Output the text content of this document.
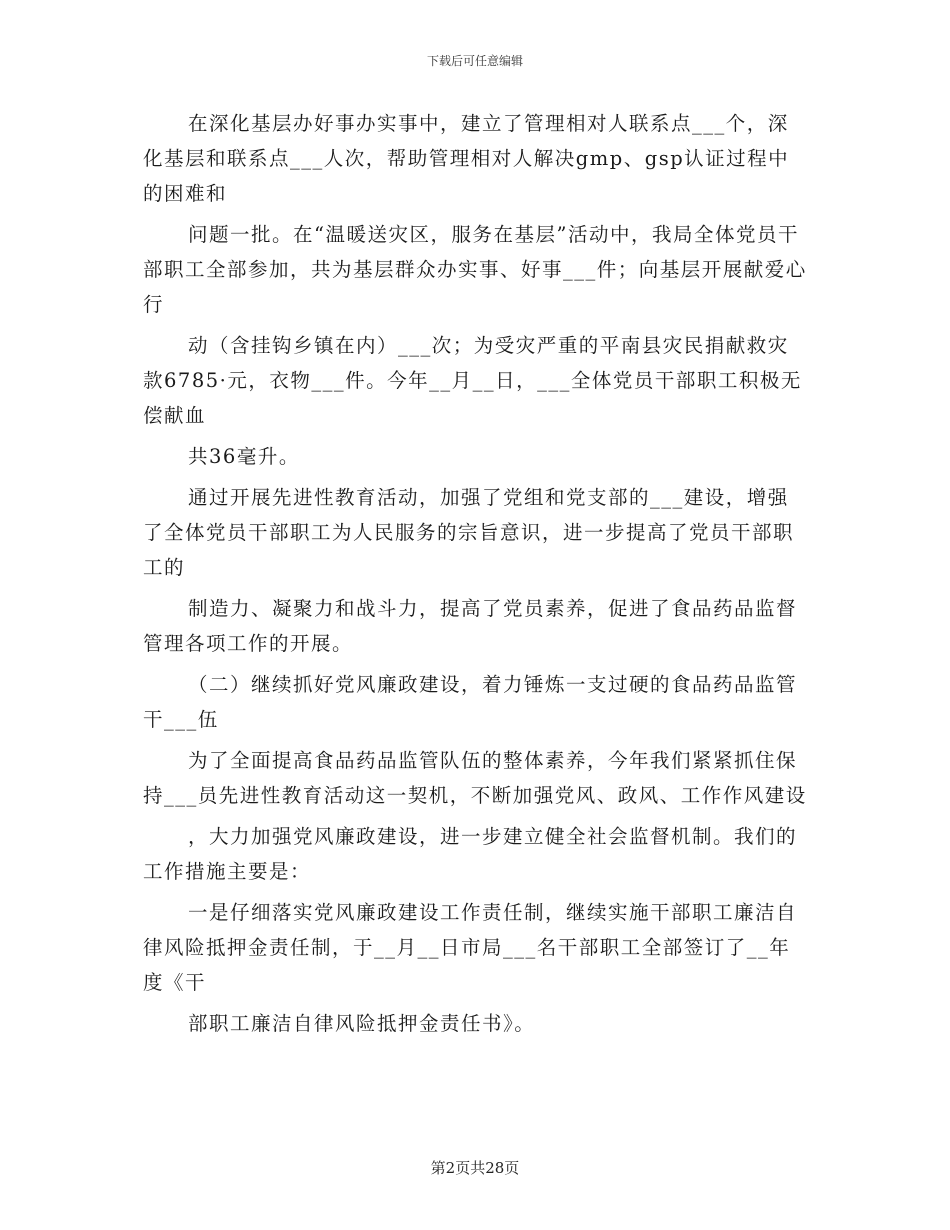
下载后可任意编辑

在深化基层办好事办实事中，建立了管理相对人联系点___个，深化基层和联系点___人次，帮助管理相对人解决gmp、gsp认证过程中的困难和

问题一批。在“温暖送灾区，服务在基层”活动中，我局全体党员干部职工全部参加，共为基层群众办实事、好事___件；向基层开展献爱心行

动（含挂钩乡镇在内）___次；为受灾严重的平南县灾民捐献救灾款6785·元，衣物___件。今年__月__日，___全体党员干部职工积极无偿献血

共36毫升。

通过开展先进性教育活动，加强了党组和党支部的___建设，增强了全体党员干部职工为人民服务的宗旨意识，进一步提高了党员干部职工的

制造力、凝聚力和战斗力，提高了党员素养，促进了食品药品监督管理各项工作的开展。

（二）继续抓好党风廉政建设，着力锤炼一支过硬的食品药品监管干___伍

为了全面提高食品药品监管队伍的整体素养，今年我们紧紧抓住保持___员先进性教育活动这一契机，不断加强党风、政风、工作作风建设

，大力加强党风廉政建设，进一步建立健全社会监督机制。我们的工作措施主要是：

一是仔细落实党风廉政建设工作责任制，继续实施干部职工廉洁自律风险抵押金责任制，于__月__日市局___名干部职工全部签订了__年度《干

部职工廉洁自律风险抵押金责任书》。

第2页共28页
